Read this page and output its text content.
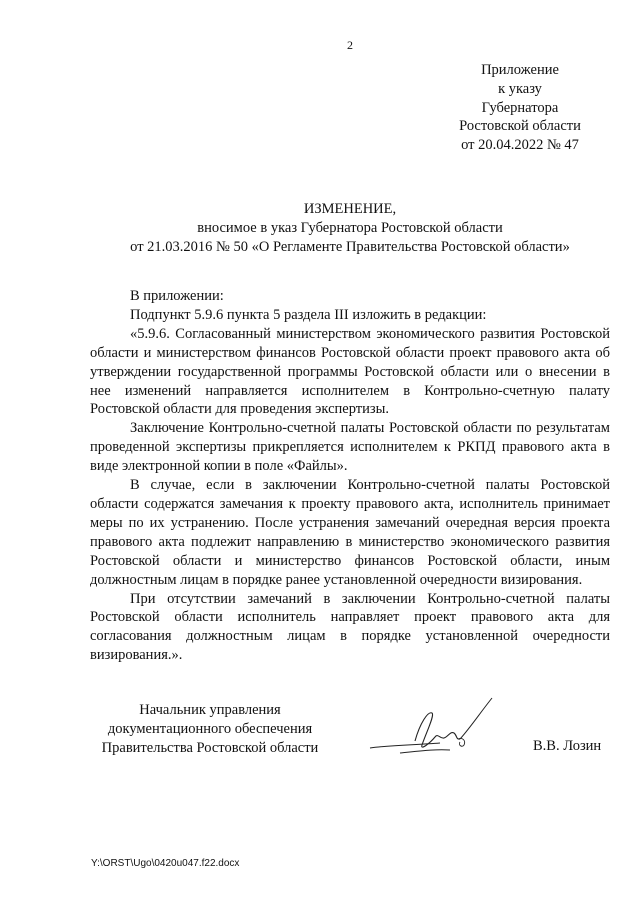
2
Приложение
к указу
Губернатора
Ростовской области
от 20.04.2022 № 47
ИЗМЕНЕНИЕ,
вносимое в указ Губернатора Ростовской области
от 21.03.2016 № 50 «О Регламенте Правительства Ростовской области»

В приложении:

Подпункт 5.9.6 пункта 5 раздела III изложить в редакции:

«5.9.6. Согласованный министерством экономического развития Ростовской области и министерством финансов Ростовской области проект правового акта об утверждении государственной программы Ростовской области или о внесении в нее изменений направляется исполнителем в Контрольно-счетную палату Ростовской области для проведения экспертизы.

Заключение Контрольно-счетной палаты Ростовской области по результатам проведенной экспертизы прикрепляется исполнителем к РКПД правового акта в виде электронной копии в поле «Файлы».

В случае, если в заключении Контрольно-счетной палаты Ростовской области содержатся замечания к проекту правового акта, исполнитель принимает меры по их устранению. После устранения замечаний очередная версия проекта правового акта подлежит направлению в министерство экономического развития Ростовской области и министерство финансов Ростовской области, иным должностным лицам в порядке ранее установленной очередности визирования.

При отсутствии замечаний в заключении Контрольно-счетной палаты Ростовской области исполнитель направляет проект правового акта для согласования должностным лицам в порядке установленной очередности визирования.».

Начальник управления
документационного обеспечения
Правительства Ростовской области	В.В. Лозин
Y:\ORST\Ugo\0420u047.f22.docx
